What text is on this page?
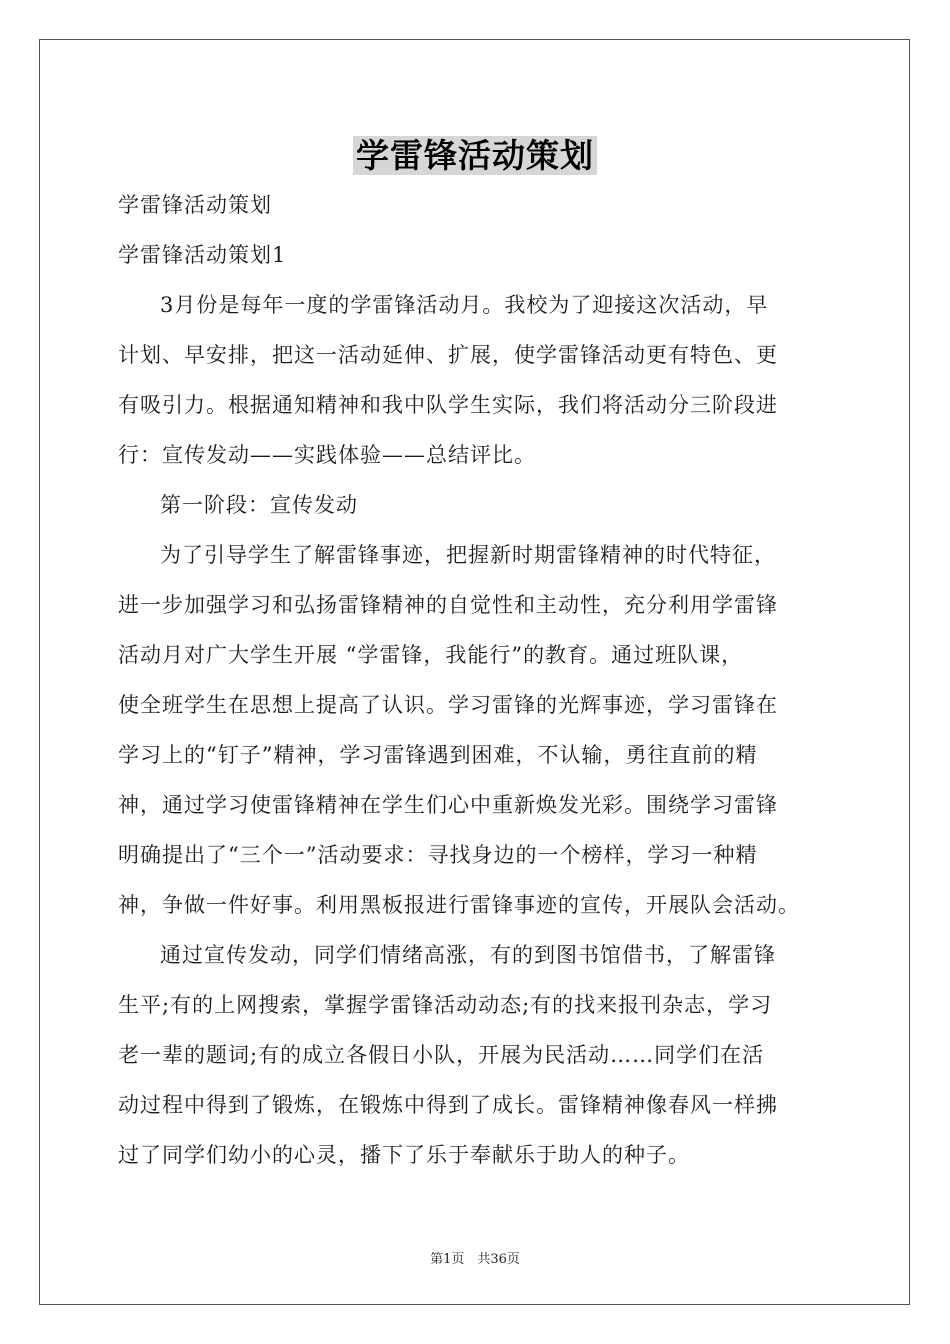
学雷锋活动策划

学雷锋活动策划

学雷锋活动策划1

3月份是每年一度的学雷锋活动月。我校为了迎接这次活动，早
计划、早安排，把这一活动延伸、扩展，使学雷锋活动更有特色、更
有吸引力。根据通知精神和我中队学生实际，我们将活动分三阶段进
行：宣传发动——实践体验——总结评比。

第一阶段：宣传发动

为了引导学生了解雷锋事迹，把握新时期雷锋精神的时代特征，
进一步加强学习和弘扬雷锋精神的自觉性和主动性，充分利用学雷锋
活动月对广大学生开展 “学雷锋，我能行”的教育。通过班队课，
使全班学生在思想上提高了认识。学习雷锋的光辉事迹，学习雷锋在
学习上的“钉子”精神，学习雷锋遇到困难，不认输，勇往直前的精
神，通过学习使雷锋精神在学生们心中重新焕发光彩。围绕学习雷锋
明确提出了“三个一”活动要求：寻找身边的一个榜样，学习一种精
神，争做一件好事。利用黑板报进行雷锋事迹的宣传，开展队会活动。

通过宣传发动，同学们情绪高涨，有的到图书馆借书，了解雷锋
生平;有的上网搜索，掌握学雷锋活动动态;有的找来报刊杂志，学习
老一辈的题词;有的成立各假日小队，开展为民活动……同学们在活
动过程中得到了锻炼，在锻炼中得到了成长。雷锋精神像春风一样拂
过了同学们幼小的心灵，播下了乐于奉献乐于助人的种子。

第1页　共36页
